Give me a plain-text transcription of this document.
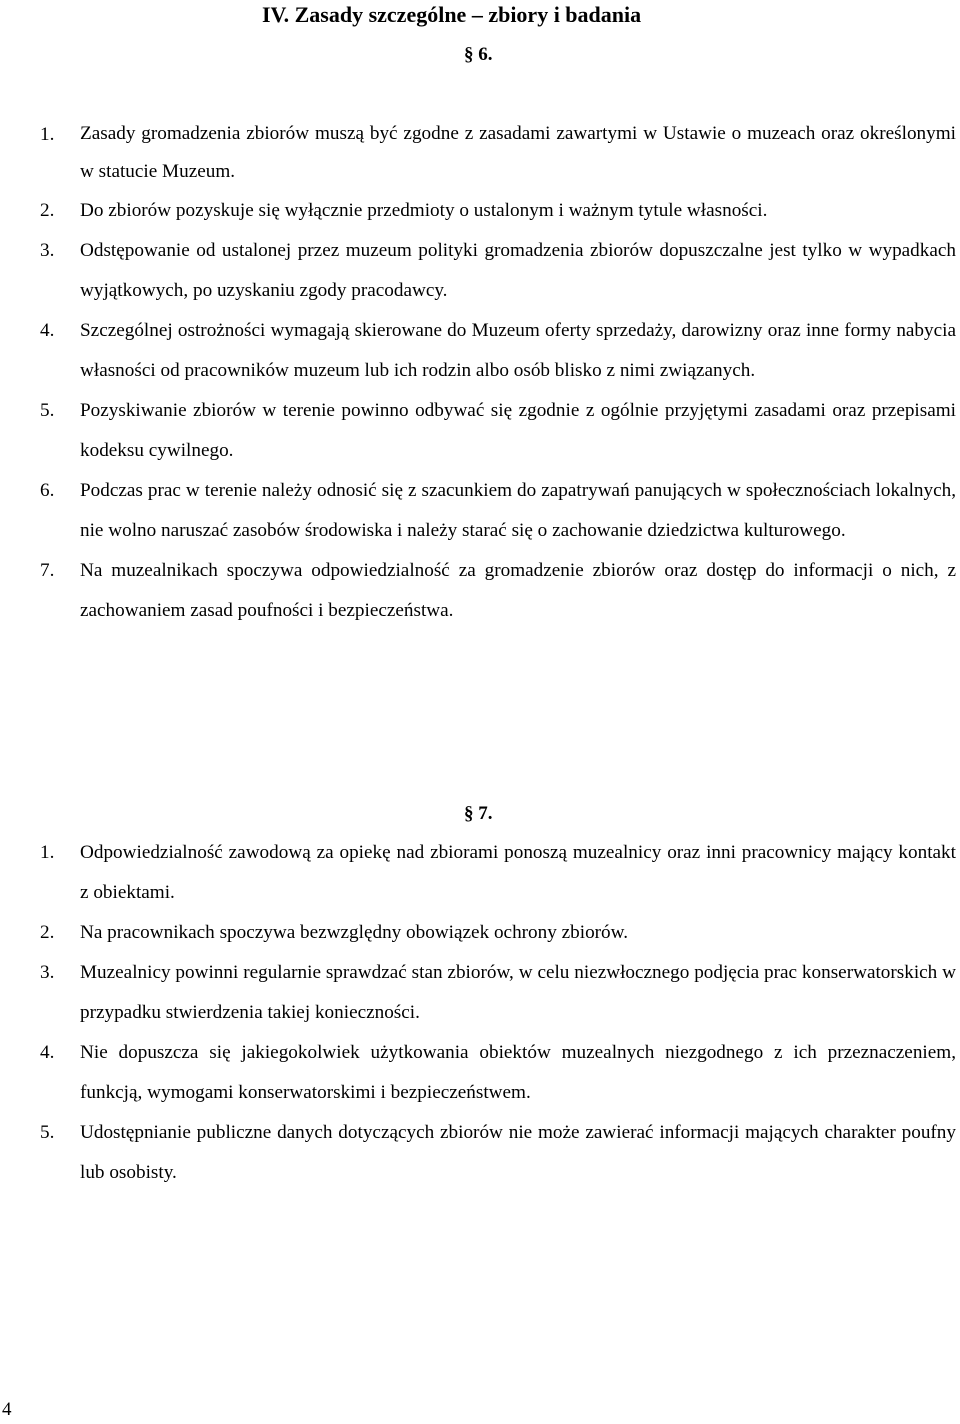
IV. Zasady szczególne – zbiory i badania
§ 6.
1. Zasady gromadzenia zbiorów muszą być zgodne z zasadami zawartymi w Ustawie o muzeach oraz określonymi w statucie Muzeum.
2. Do zbiorów pozyskuje się wyłącznie przedmioty o ustalonym i ważnym tytule własności.
3. Odstępowanie od ustalonej przez muzeum polityki gromadzenia zbiorów dopuszczalne jest tylko w wypadkach wyjątkowych, po uzyskaniu zgody pracodawcy.
4. Szczególnej ostrożności wymagają skierowane do Muzeum oferty sprzedaży, darowizny oraz inne formy nabycia własności od pracowników muzeum lub ich rodzin albo osób blisko z nimi związanych.
5. Pozyskiwanie zbiorów w terenie powinno odbywać się zgodnie z ogólnie przyjętymi zasadami oraz przepisami kodeksu cywilnego.
6. Podczas prac w terenie należy odnosić się z szacunkiem do zapatrywań panujących w społecznościach lokalnych, nie wolno naruszać zasobów środowiska i należy starać się o zachowanie dziedzictwa kulturowego.
7. Na muzealnikach spoczywa odpowiedzialność za gromadzenie zbiorów oraz dostęp do informacji o nich, z zachowaniem zasad poufności i bezpieczeństwa.
§ 7.
1. Odpowiedzialność zawodową za opiekę nad zbiorami ponoszą muzealnicy oraz inni pracownicy mający kontakt z obiektami.
2. Na pracownikach spoczywa bezwzględny obowiązek ochrony zbiorów.
3. Muzealnicy powinni regularnie sprawdzać stan zbiorów, w celu niezwłocznego podjęcia prac konserwatorskich w przypadku stwierdzenia takiej konieczności.
4. Nie dopuszcza się jakiegokolwiek użytkowania obiektów muzealnych niezgodnego z ich przeznaczeniem, funkcją, wymogami konserwatorskimi i bezpieczeństwem.
5. Udostępnianie publiczne danych dotyczących zbiorów nie może zawierać informacji mających charakter poufny lub osobisty.
4
